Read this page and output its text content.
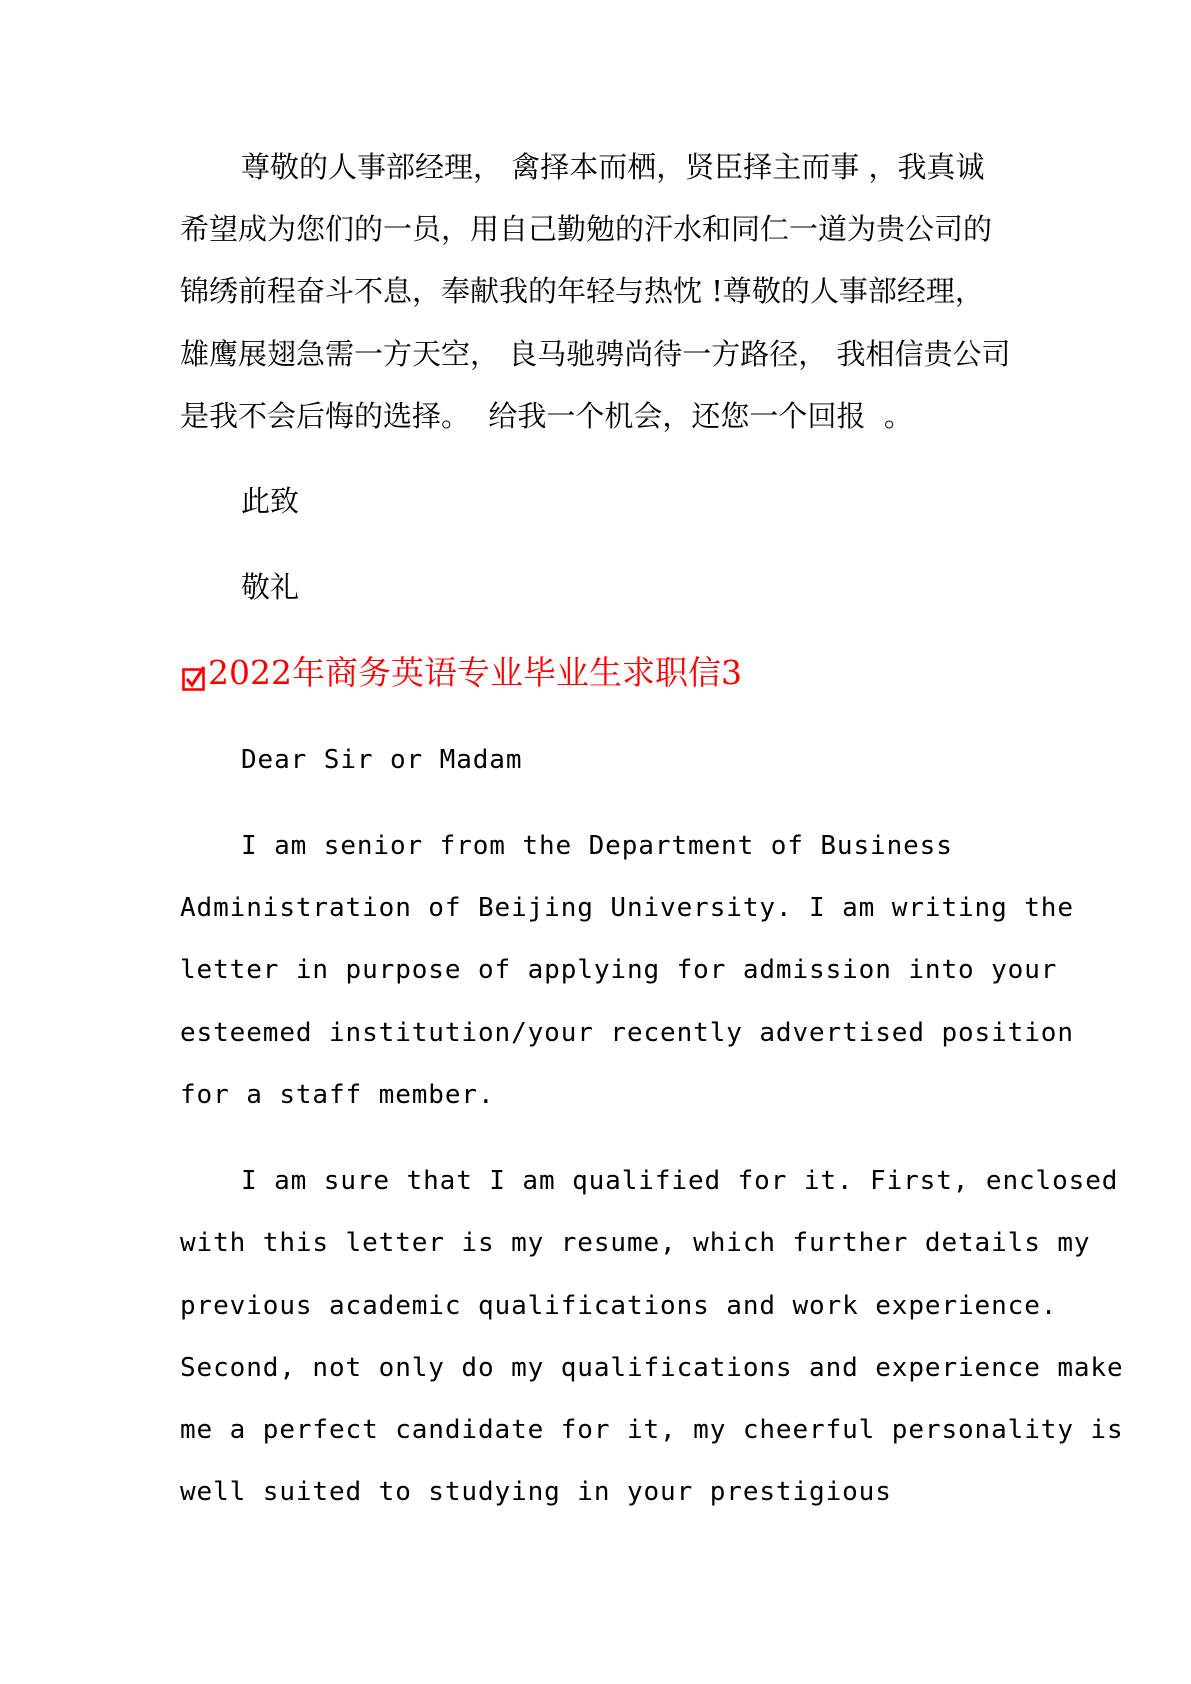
尊敬的人事部经理， 禽择本而栖，贤臣择主而事 ，我真诚

希望成为您们的一员，用自己勤勉的汗水和同仁一道为贵公司的

锦绣前程奋斗不息，奉献我的年轻与热忱 !尊敬的人事部经理，

雄鹰展翅急需一方天空， 良马驰骋尚待一方路径， 我相信贵公司

是我不会后悔的选择。  给我一个机会，还您一个回报  。

此致

敬礼

2022年商务英语专业毕业生求职信3

Dear Sir or Madam

I am senior from the Department of Business

Administration of Beijing University. I am writing the

letter in purpose of applying for admission into your

esteemed institution/your recently advertised position

for a staff member.

I am sure that I am qualified for it. First, enclosed

with this letter is my resume, which further details my

previous academic qualifications and work experience.

Second, not only do my qualifications and experience make

me a perfect candidate for it, my cheerful personality is

well suited to studying in your prestigious
